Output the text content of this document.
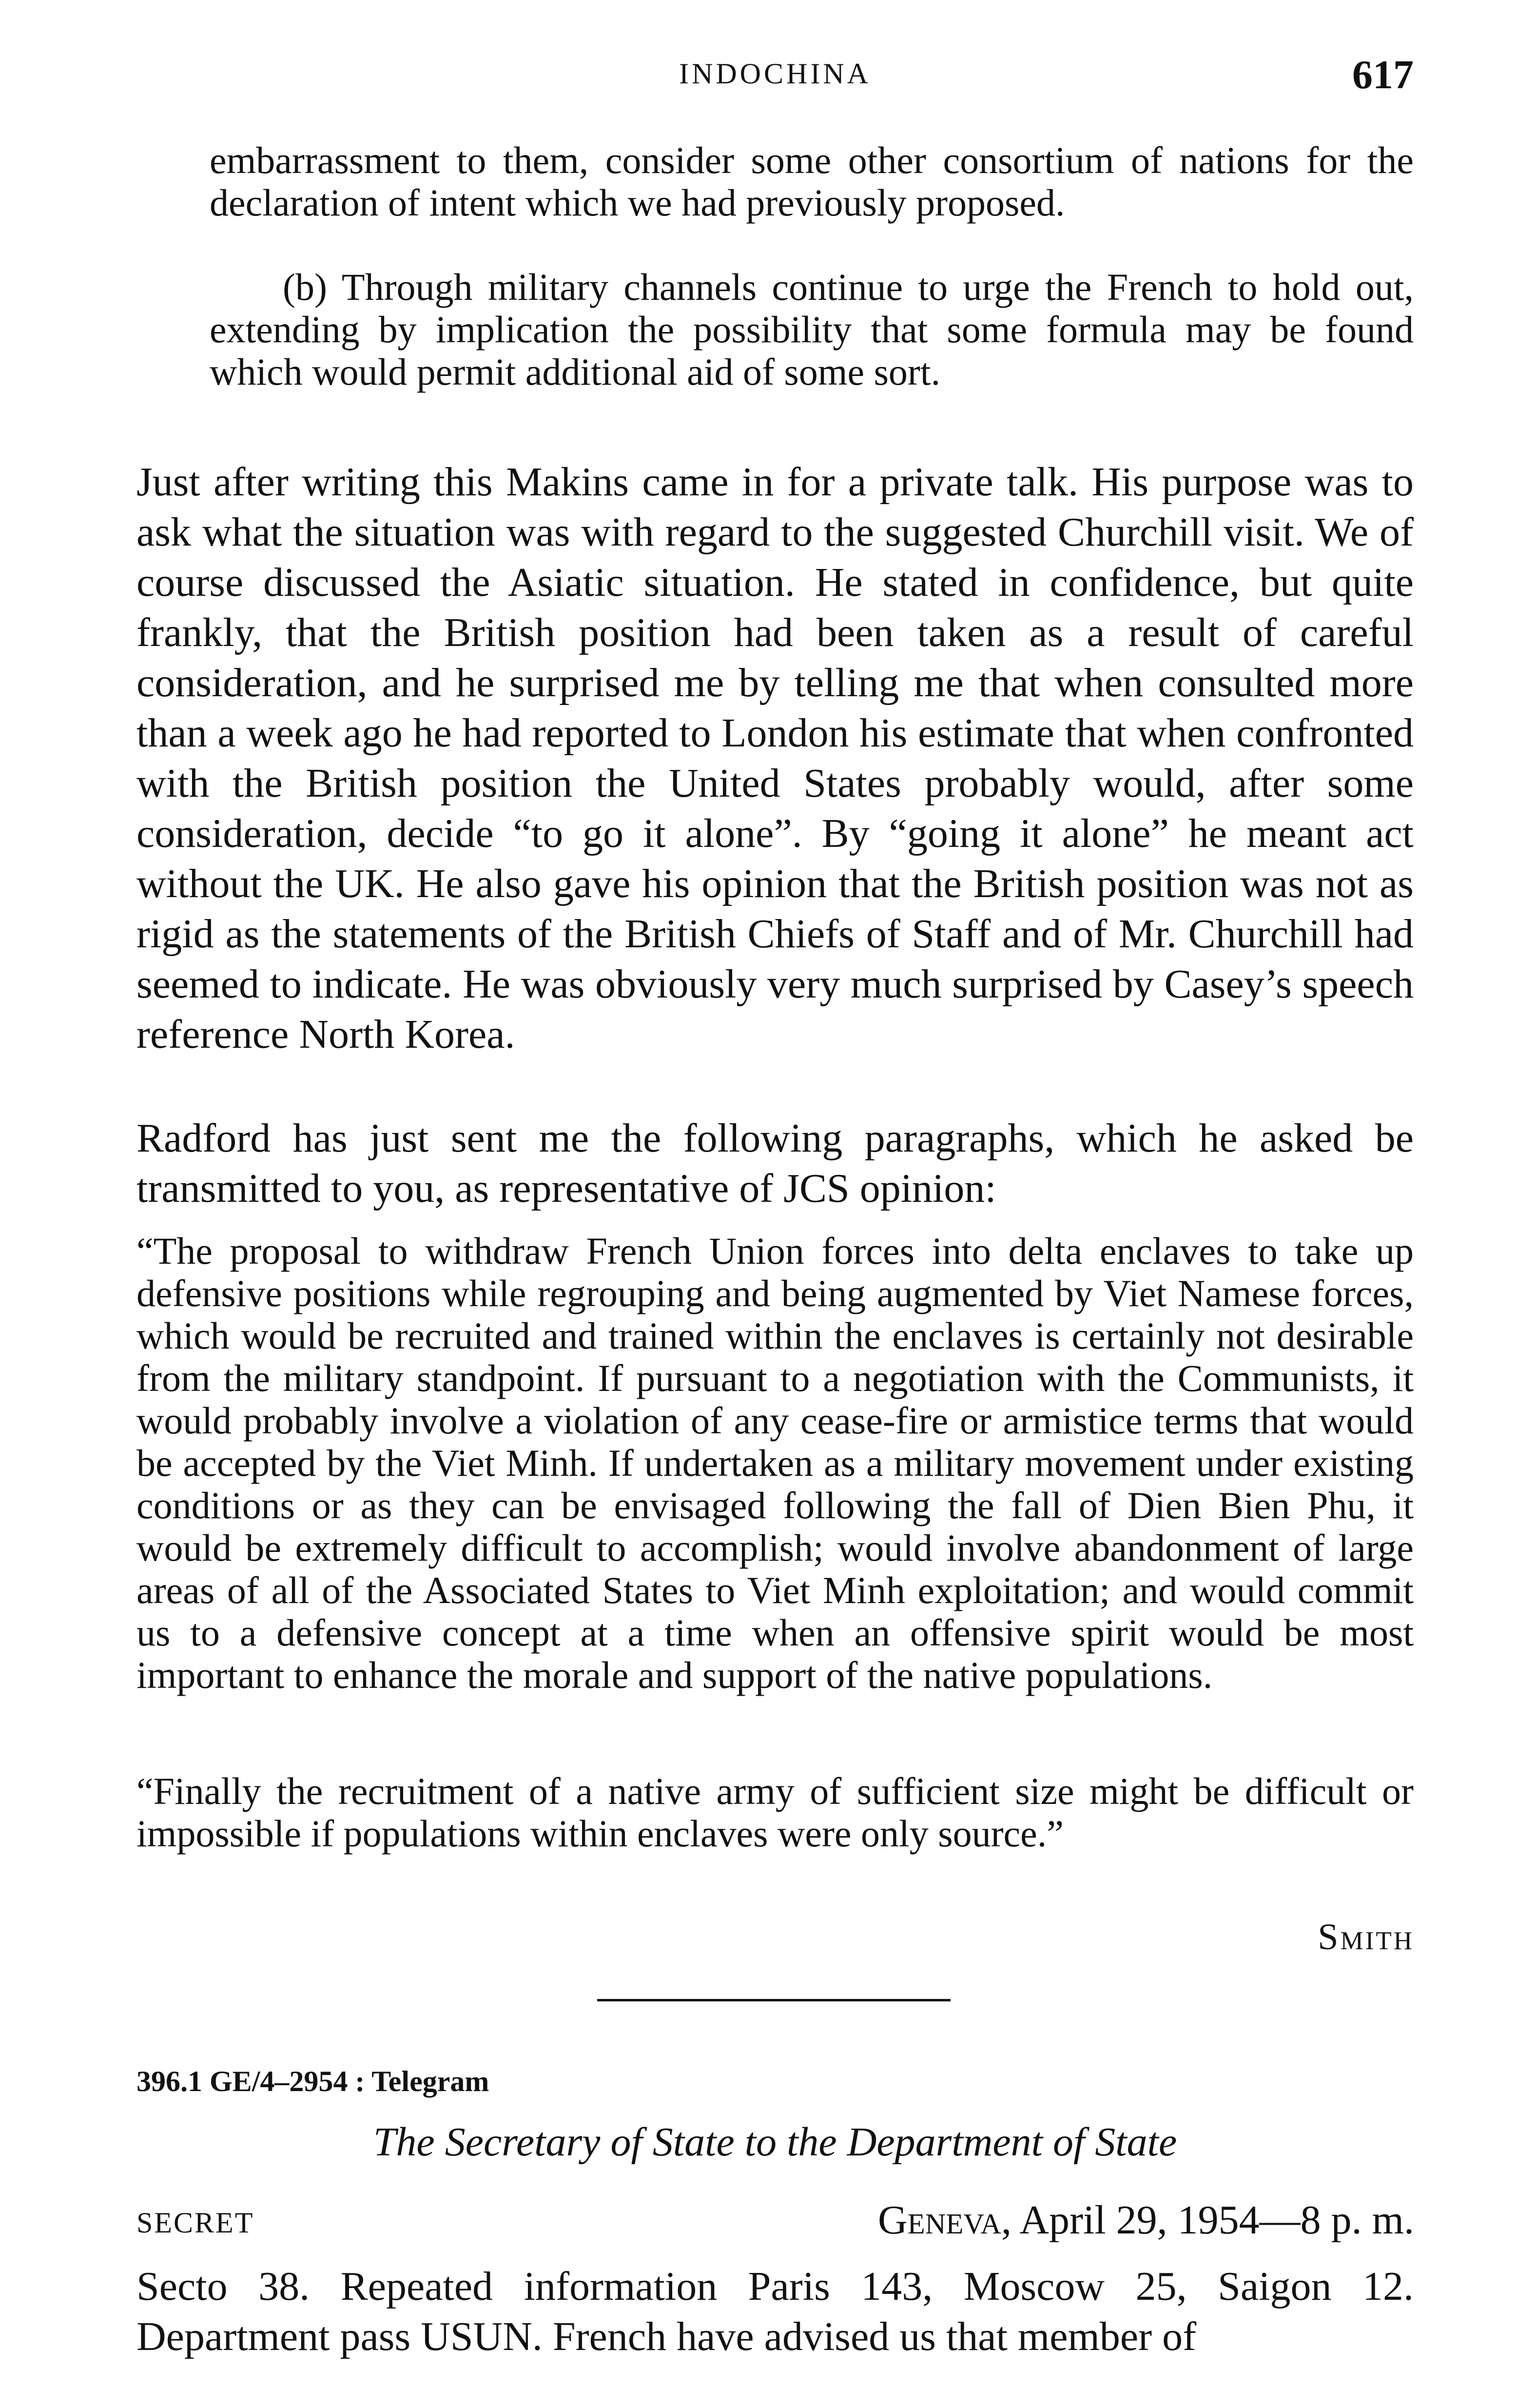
INDOCHINA	617

embarrassment to them, consider some other consortium of nations for the declaration of intent which we had previously proposed.

(b) Through military channels continue to urge the French to hold out, extending by implication the possibility that some formula may be found which would permit additional aid of some sort.

Just after writing this Makins came in for a private talk. His purpose was to ask what the situation was with regard to the suggested Churchill visit. We of course discussed the Asiatic situation. He stated in confidence, but quite frankly, that the British position had been taken as a result of careful consideration, and he surprised me by telling me that when consulted more than a week ago he had reported to London his estimate that when confronted with the British position the United States probably would, after some consideration, decide “to go it alone”. By “going it alone” he meant act without the UK. He also gave his opinion that the British position was not as rigid as the statements of the British Chiefs of Staff and of Mr. Churchill had seemed to indicate. He was obviously very much surprised by Casey’s speech reference North Korea.

Radford has just sent me the following paragraphs, which he asked be transmitted to you, as representative of JCS opinion:

“The proposal to withdraw French Union forces into delta enclaves to take up defensive positions while regrouping and being augmented by Viet Namese forces, which would be recruited and trained within the enclaves is certainly not desirable from the military standpoint. If pursuant to a negotiation with the Communists, it would probably involve a violation of any cease-fire or armistice terms that would be accepted by the Viet Minh. If undertaken as a military movement under existing conditions or as they can be envisaged following the fall of Dien Bien Phu, it would be extremely difficult to accomplish; would involve abandonment of large areas of all of the Associated States to Viet Minh exploitation; and would commit us to a defensive concept at a time when an offensive spirit would be most important to enhance the morale and support of the native populations.

“Finally the recruitment of a native army of sufficient size might be difficult or impossible if populations within enclaves were only source.”

Smith
396.1 GE/4–2954 : Telegram
The Secretary of State to the Department of State
SECRET	Geneva, April 29, 1954—8 p. m.

Secto 38. Repeated information Paris 143, Moscow 25, Saigon 12. Department pass USUN. French have advised us that member of
